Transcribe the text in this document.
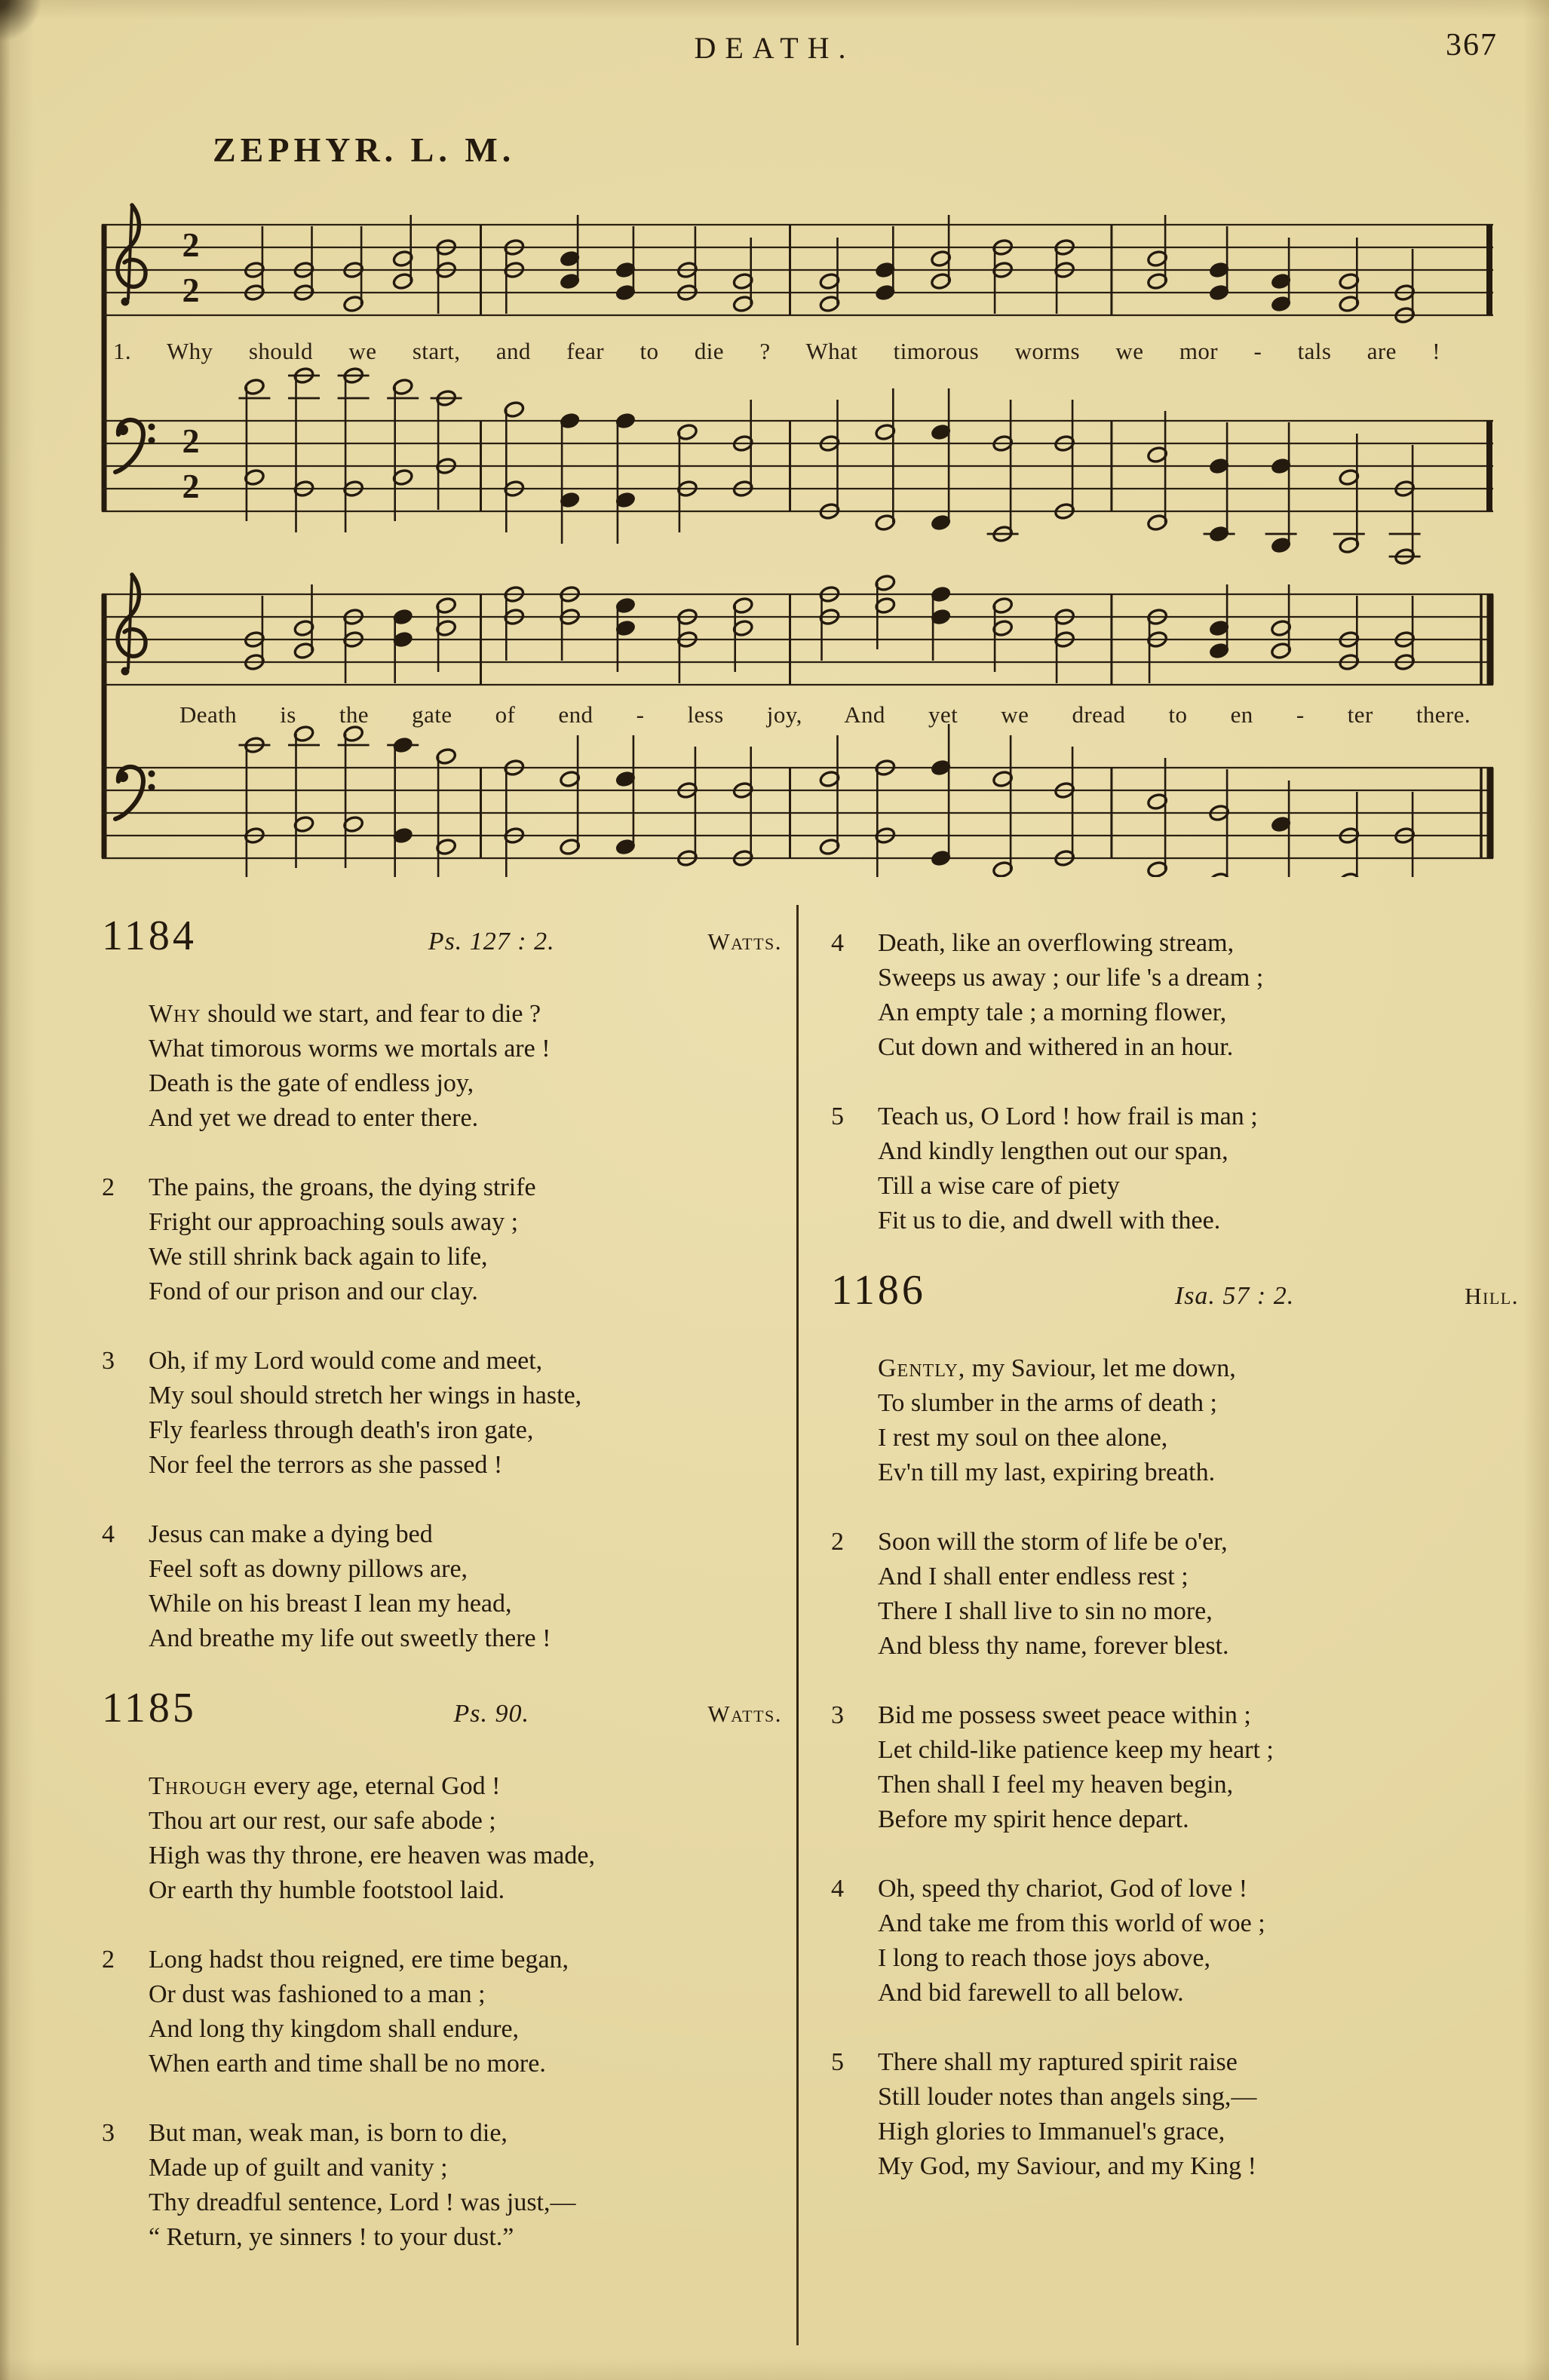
DEATH.	367
ZEPHYR. L. M.
2
2
2
2
1. Why should we start, and fear to die ? What timorous worms we mor - tals are !
Death is the gate of end - less joy, And yet we dread to en - ter there.
1184	Ps. 127 : 2.	Watts.

Why should we start, and fear to die ?

What timorous worms we mortals are !

Death is the gate of endless joy,

And yet we dread to enter there.

2 The pains, the groans, the dying strife

Fright our approaching souls away ;

We still shrink back again to life,

Fond of our prison and our clay.

3 Oh, if my Lord would come and meet,

My soul should stretch her wings in haste,

Fly fearless through death's iron gate,

Nor feel the terrors as she passed !

4 Jesus can make a dying bed

Feel soft as downy pillows are,

While on his breast I lean my head,

And breathe my life out sweetly there !

1185	Ps. 90.	Watts.

Through every age, eternal God !

Thou art our rest, our safe abode ;

High was thy throne, ere heaven was made,

Or earth thy humble footstool laid.

2 Long hadst thou reigned, ere time began,

Or dust was fashioned to a man ;

And long thy kingdom shall endure,

When earth and time shall be no more.

3 But man, weak man, is born to die,

Made up of guilt and vanity ;

Thy dreadful sentence, Lord ! was just,—

“ Return, ye sinners ! to your dust.”

4 Death, like an overflowing stream,

Sweeps us away ; our life 's a dream ;

An empty tale ; a morning flower,

Cut down and withered in an hour.

5 Teach us, O Lord ! how frail is man ;

And kindly lengthen out our span,

Till a wise care of piety

Fit us to die, and dwell with thee.

1186	Isa. 57 : 2.	Hill.

Gently, my Saviour, let me down,

To slumber in the arms of death ;

I rest my soul on thee alone,

Ev'n till my last, expiring breath.

2 Soon will the storm of life be o'er,

And I shall enter endless rest ;

There I shall live to sin no more,

And bless thy name, forever blest.

3 Bid me possess sweet peace within ;

Let child-like patience keep my heart ;

Then shall I feel my heaven begin,

Before my spirit hence depart.

4 Oh, speed thy chariot, God of love !

And take me from this world of woe ;

I long to reach those joys above,

And bid farewell to all below.

5 There shall my raptured spirit raise

Still louder notes than angels sing,—

High glories to Immanuel's grace,

My God, my Saviour, and my King !
